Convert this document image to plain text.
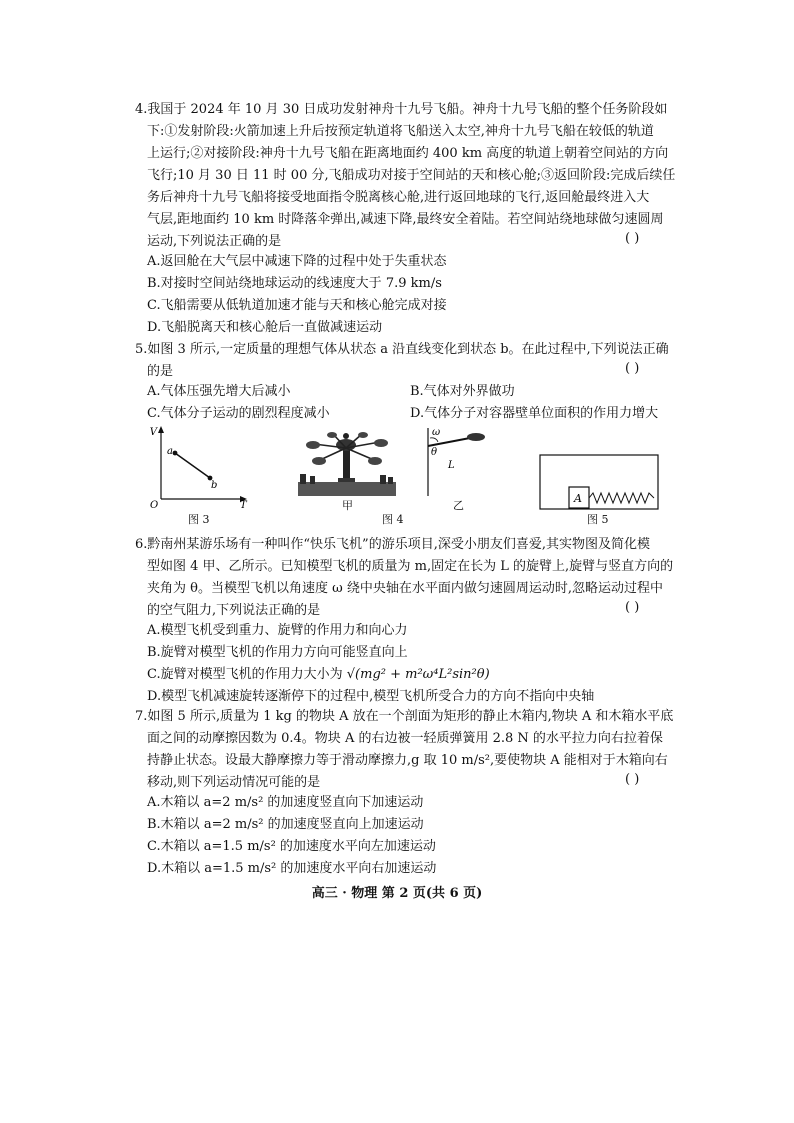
4.我国于 2024 年 10 月 30 日成功发射神舟十九号飞船。神舟十九号飞船的整个任务阶段如
下:①发射阶段:火箭加速上升后按预定轨道将飞船送入太空,神舟十九号飞船在较低的轨道
上运行;②对接阶段:神舟十九号飞船在距离地面约 400 km 高度的轨道上朝着空间站的方向
飞行;10 月 30 日 11 时 00 分,飞船成功对接于空间站的天和核心舱;③返回阶段:完成后续任
务后神舟十九号飞船将接受地面指令脱离核心舱,进行返回地球的飞行,返回舱最终进入大
气层,距地面约 10 km 时降落伞弹出,减速下降,最终安全着陆。若空间站绕地球做匀速圆周
运动,下列说法正确的是	( )
A.返回舱在大气层中减速下降的过程中处于失重状态
B.对接时空间站绕地球运动的线速度大于 7.9 km/s
C.飞船需要从低轨道加速才能与天和核心舱完成对接
D.飞船脱离天和核心舱后一直做减速运动
5.如图 3 所示,一定质量的理想气体从状态 a 沿直线变化到状态 b。在此过程中,下列说法正确
的是	( )
A.气体压强先增大后减小	B.气体对外界做功
C.气体分子运动的剧烈程度减小	D.气体分子对容器壁单位面积的作用力增大
V
T
O
a
b
图 3
甲
图 4
ω
θ
L
乙
A
图 5
6.黔南州某游乐场有一种叫作“快乐飞机”的游乐项目,深受小朋友们喜爱,其实物图及简化模
型如图 4 甲、乙所示。已知模型飞机的质量为 m,固定在长为 L 的旋臂上,旋臂与竖直方向的
夹角为 θ。当模型飞机以角速度 ω 绕中央轴在水平面内做匀速圆周运动时,忽略运动过程中
的空气阻力,下列说法正确的是	( )
A.模型飞机受到重力、旋臂的作用力和向心力
B.旋臂对模型飞机的作用力方向可能竖直向上
C.旋臂对模型飞机的作用力大小为 √(mg² + m²ω⁴L²sin²θ)
D.模型飞机减速旋转逐渐停下的过程中,模型飞机所受合力的方向不指向中央轴
7.如图 5 所示,质量为 1 kg 的物块 A 放在一个剖面为矩形的静止木箱内,物块 A 和木箱水平底
面之间的动摩擦因数为 0.4。物块 A 的右边被一轻质弹簧用 2.8 N 的水平拉力向右拉着保
持静止状态。设最大静摩擦力等于滑动摩擦力,g 取 10 m/s²,要使物块 A 能相对于木箱向右
移动,则下列运动情况可能的是	( )
A.木箱以 a=2 m/s² 的加速度竖直向下加速运动
B.木箱以 a=2 m/s² 的加速度竖直向上加速运动
C.木箱以 a=1.5 m/s² 的加速度水平向左加速运动
D.木箱以 a=1.5 m/s² 的加速度水平向右加速运动
高三 · 物理 第 2 页(共 6 页)
